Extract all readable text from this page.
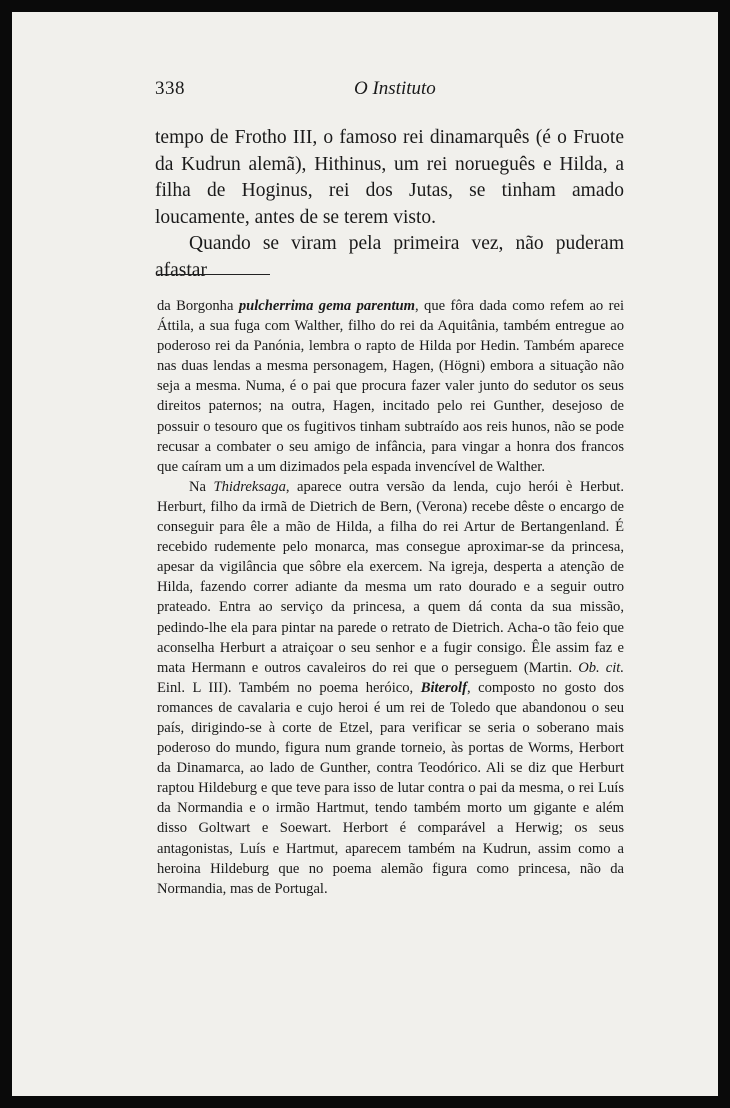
338	O Instituto

tempo de Frotho III, o famoso rei dinamarquês (é o Fruote da Kudrun alemã), Hithinus, um rei norueguês e Hilda, a filha de Hoginus, rei dos Jutas, se tinham amado loucamente, antes de se terem visto.

Quando se viram pela primeira vez, não puderam afastar

da Borgonha pulcherrima gema parentum, que fôra dada como refem ao rei Áttila, a sua fuga com Walther, filho do rei da Aquitânia, também entregue ao poderoso rei da Panónia, lembra o rapto de Hilda por Hedin. Também aparece nas duas lendas a mesma personagem, Hagen, (Högni) embora a situação não seja a mesma. Numa, é o pai que procura fazer valer junto do sedutor os seus direitos paternos; na outra, Hagen, incitado pelo rei Gunther, desejoso de possuir o tesouro que os fugitivos tinham subtraído aos reis hunos, não se pode recusar a combater o seu amigo de infância, para vingar a honra dos francos que caíram um a um dizimados pela espada invencível de Walther.

Na Thidreksaga, aparece outra versão da lenda, cujo herói è Herbut. Herburt, filho da irmã de Dietrich de Bern, (Verona) recebe dêste o encargo de conseguir para êle a mão de Hilda, a filha do rei Artur de Bertangenland. É recebido rudemente pelo monarca, mas consegue aproximar-se da princesa, apesar da vigilância que sôbre ela exercem. Na igreja, desperta a atenção de Hilda, fazendo correr adiante da mesma um rato dourado e a seguir outro prateado. Entra ao serviço da princesa, a quem dá conta da sua missão, pedindo-lhe ela para pintar na parede o retrato de Dietrich. Acha-o tão feio que aconselha Herburt a atraiçoar o seu senhor e a fugir consigo. Êle assim faz e mata Hermann e outros cavaleiros do rei que o perseguem (Martin. Ob. cit. Einl. L III). Também no poema heróico, Biterolf, composto no gosto dos romances de cavalaria e cujo heroi é um rei de Toledo que abandonou o seu país, dirigindo-se à corte de Etzel, para verificar se seria o soberano mais poderoso do mundo, figura num grande torneio, às portas de Worms, Herbort da Dinamarca, ao lado de Gunther, contra Teodórico. Ali se diz que Herburt raptou Hildeburg e que teve para isso de lutar contra o pai da mesma, o rei Luís da Normandia e o irmão Hartmut, tendo também morto um gigante e além disso Goltwart e Soewart. Herbort é comparável a Herwig; os seus antagonistas, Luís e Hartmut, aparecem também na Kudrun, assim como a heroina Hildeburg que no poema alemão figura como princesa, não da Normandia, mas de Portugal.
